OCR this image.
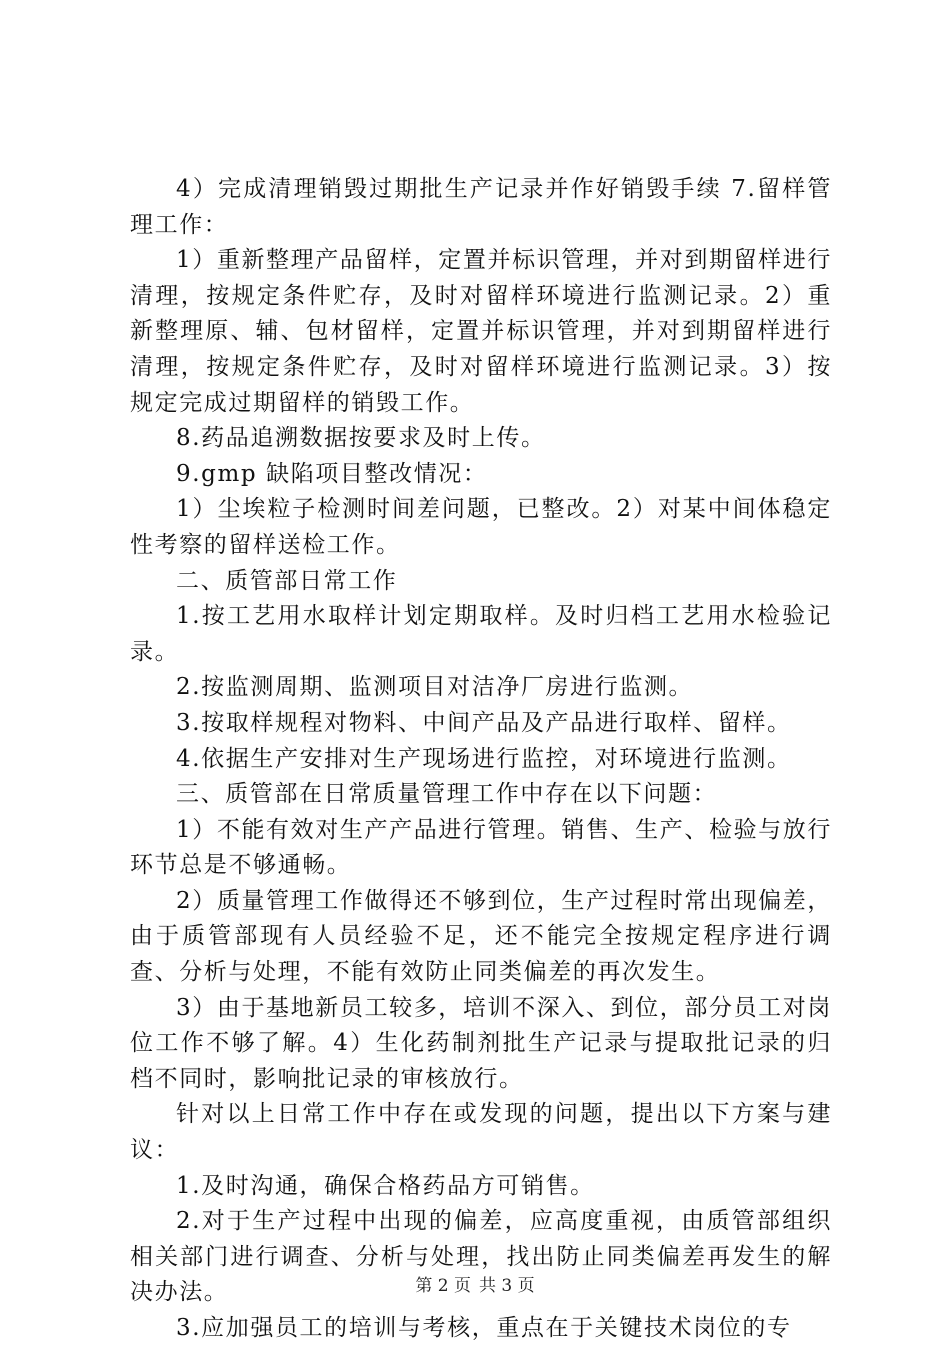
4）完成清理销毁过期批生产记录并作好销毁手续 7.留样管理工作：

1）重新整理产品留样，定置并标识管理，并对到期留样进行清理，按规定条件贮存，及时对留样环境进行监测记录。2）重新整理原、辅、包材留样，定置并标识管理，并对到期留样进行清理，按规定条件贮存，及时对留样环境进行监测记录。3）按规定完成过期留样的销毁工作。

8.药品追溯数据按要求及时上传。

9.gmp 缺陷项目整改情况：

1）尘埃粒子检测时间差问题，已整改。2）对某中间体稳定性考察的留样送检工作。

二、质管部日常工作

1.按工艺用水取样计划定期取样。及时归档工艺用水检验记录。

2.按监测周期、监测项目对洁净厂房进行监测。

3.按取样规程对物料、中间产品及产品进行取样、留样。

4.依据生产安排对生产现场进行监控，对环境进行监测。

三、质管部在日常质量管理工作中存在以下问题：

1）不能有效对生产产品进行管理。销售、生产、检验与放行环节总是不够通畅。

2）质量管理工作做得还不够到位，生产过程时常出现偏差，由于质管部现有人员经验不足，还不能完全按规定程序进行调查、分析与处理，不能有效防止同类偏差的再次发生。

3）由于基地新员工较多，培训不深入、到位，部分员工对岗位工作不够了解。4）生化药制剂批生产记录与提取批记录的归档不同时，影响批记录的审核放行。

针对以上日常工作中存在或发现的问题，提出以下方案与建议：

1.及时沟通，确保合格药品方可销售。

2.对于生产过程中出现的偏差，应高度重视，由质管部组织相关部门进行调查、分析与处理，找出防止同类偏差再发生的解决办法。

3.应加强员工的培训与考核，重点在于关键技术岗位的专

第 2 页 共 3 页
